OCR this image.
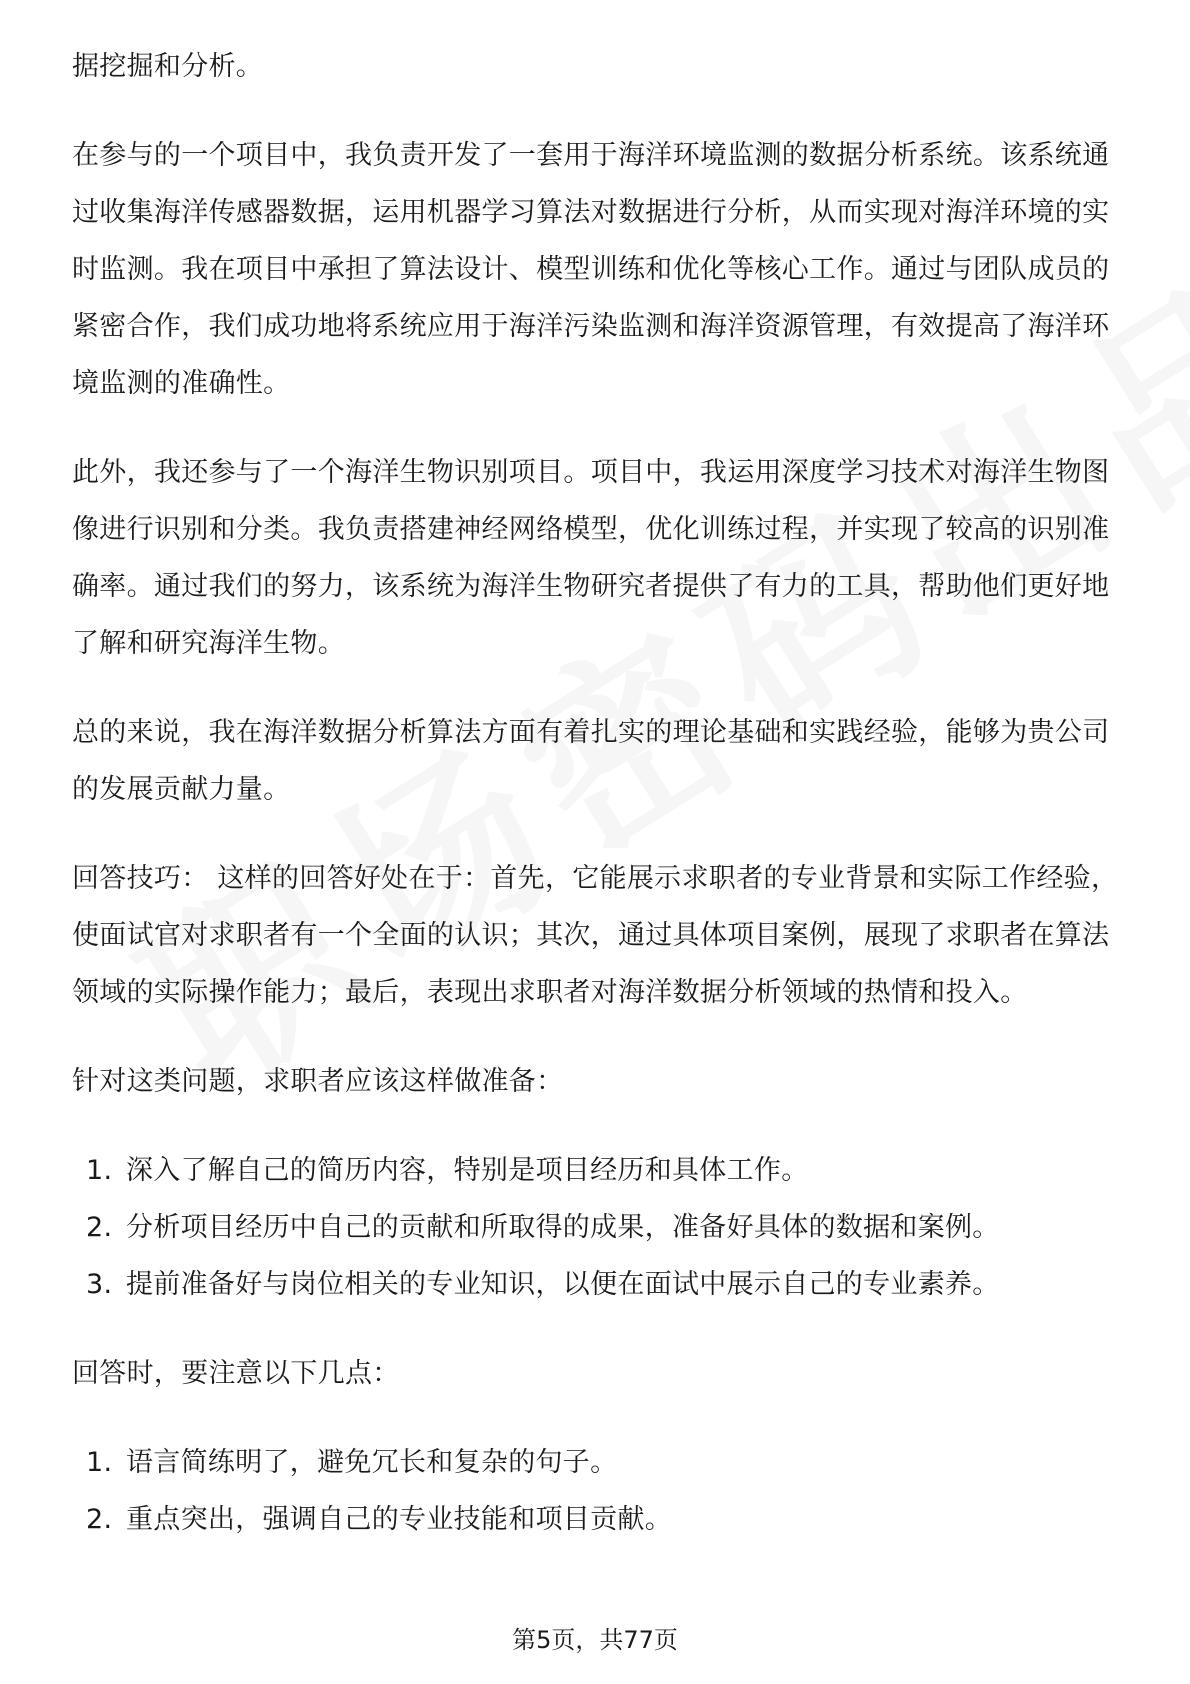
据挖掘和分析。

在参与的一个项目中，我负责开发了一套用于海洋环境监测的数据分析系统。该系统通过收集海洋传感器数据，运用机器学习算法对数据进行分析，从而实现对海洋环境的实时监测。我在项目中承担了算法设计、模型训练和优化等核心工作。通过与团队成员的紧密合作，我们成功地将系统应用于海洋污染监测和海洋资源管理，有效提高了海洋环境监测的准确性。

此外，我还参与了一个海洋生物识别项目。项目中，我运用深度学习技术对海洋生物图像进行识别和分类。我负责搭建神经网络模型，优化训练过程，并实现了较高的识别准确率。通过我们的努力，该系统为海洋生物研究者提供了有力的工具，帮助他们更好地了解和研究海洋生物。

总的来说，我在海洋数据分析算法方面有着扎实的理论基础和实践经验，能够为贵公司的发展贡献力量。

回答技巧： 这样的回答好处在于：首先，它能展示求职者的专业背景和实际工作经验，使面试官对求职者有一个全面的认识；其次，通过具体项目案例，展现了求职者在算法领域的实际操作能力；最后，表现出求职者对海洋数据分析领域的热情和投入。

针对这类问题，求职者应该这样做准备：

1. 深入了解自己的简历内容，特别是项目经历和具体工作。
2. 分析项目经历中自己的贡献和所取得的成果，准备好具体的数据和案例。
3. 提前准备好与岗位相关的专业知识，以便在面试中展示自己的专业素养。

回答时，要注意以下几点：

1. 语言简练明了，避免冗长和复杂的句子。
2. 重点突出，强调自己的专业技能和项目贡献。
第5页，共77页
